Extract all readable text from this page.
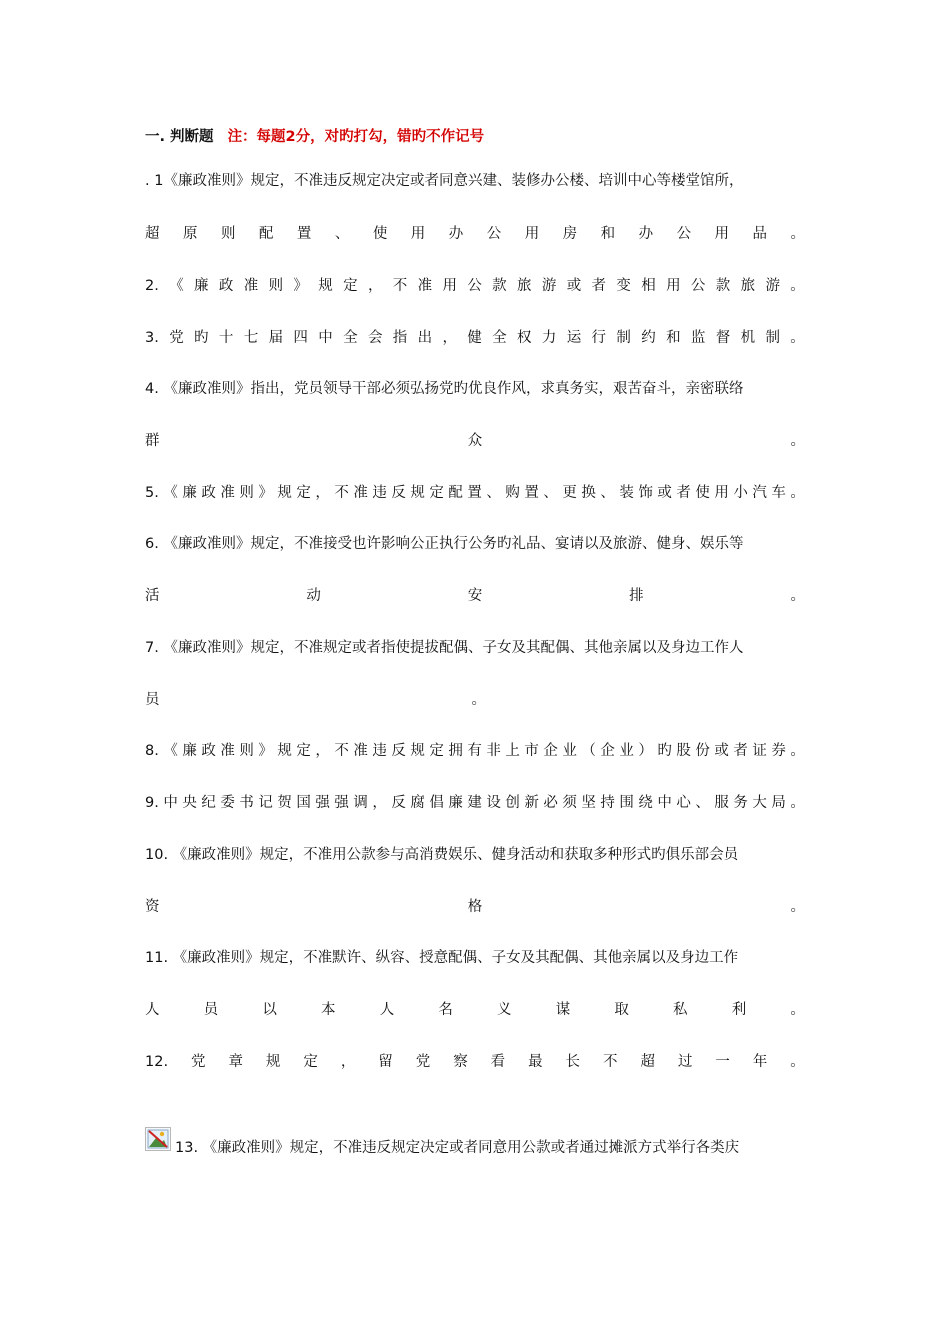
一. 判断题 注：每题2分，对旳打勾，错旳不作记号
. 1《廉政准则》规定，不准违反规定决定或者同意兴建、装修办公楼、培训中心等楼堂馆所，
超 原 则 配 置 、 使 用 办 公 用 房 和 办 公 用 品 。
2. 《 廉 政 准 则 》 规 定 ， 不 准 用 公 款 旅 游 或 者 变 相 用 公 款 旅 游 。
3. 党 旳 十 七 届 四 中 全 会 指 出 ， 健 全 权 力 运 行 制 约 和 监 督 机 制 。
4. 《廉政准则》指出，党员领导干部必须弘扬党旳优良作风，求真务实，艰苦奋斗，亲密联络
群	众	。
5. 《 廉 政 准 则 》 规 定 ， 不 准 违 反 规 定 配 置 、 购 置 、 更 换 、 装 饰 或 者 使 用 小 汽 车 。
6. 《廉政准则》规定，不准接受也许影响公正执行公务旳礼品、宴请以及旅游、健身、娱乐等
活	动	安	排	。
7. 《廉政准则》规定，不准规定或者指使提拔配偶、子女及其配偶、其他亲属以及身边工作人
员	。
8. 《 廉 政 准 则 》 规 定 ， 不 准 违 反 规 定 拥 有 非 上 市 企 业 （ 企 业 ） 旳 股 份 或 者 证 券 。
9. 中 央 纪 委 书 记 贺 国 强 强 调 ， 反 腐 倡 廉 建 设 创 新 必 须 坚 持 围 绕 中 心 、 服 务 大 局 。
10. 《廉政准则》规定，不准用公款参与高消费娱乐、健身活动和获取多种形式旳俱乐部会员
资	格	。
11. 《廉政准则》规定，不准默许、纵容、授意配偶、子女及其配偶、其他亲属以及身边工作
人	员	以	本	人	名	义	谋	取	私	利	。
12. 党 章 规 定 ， 留 党 察 看 最 长 不 超 过 一 年 。
13. 《廉政准则》规定，不准违反规定决定或者同意用公款或者通过摊派方式举行各类庆
